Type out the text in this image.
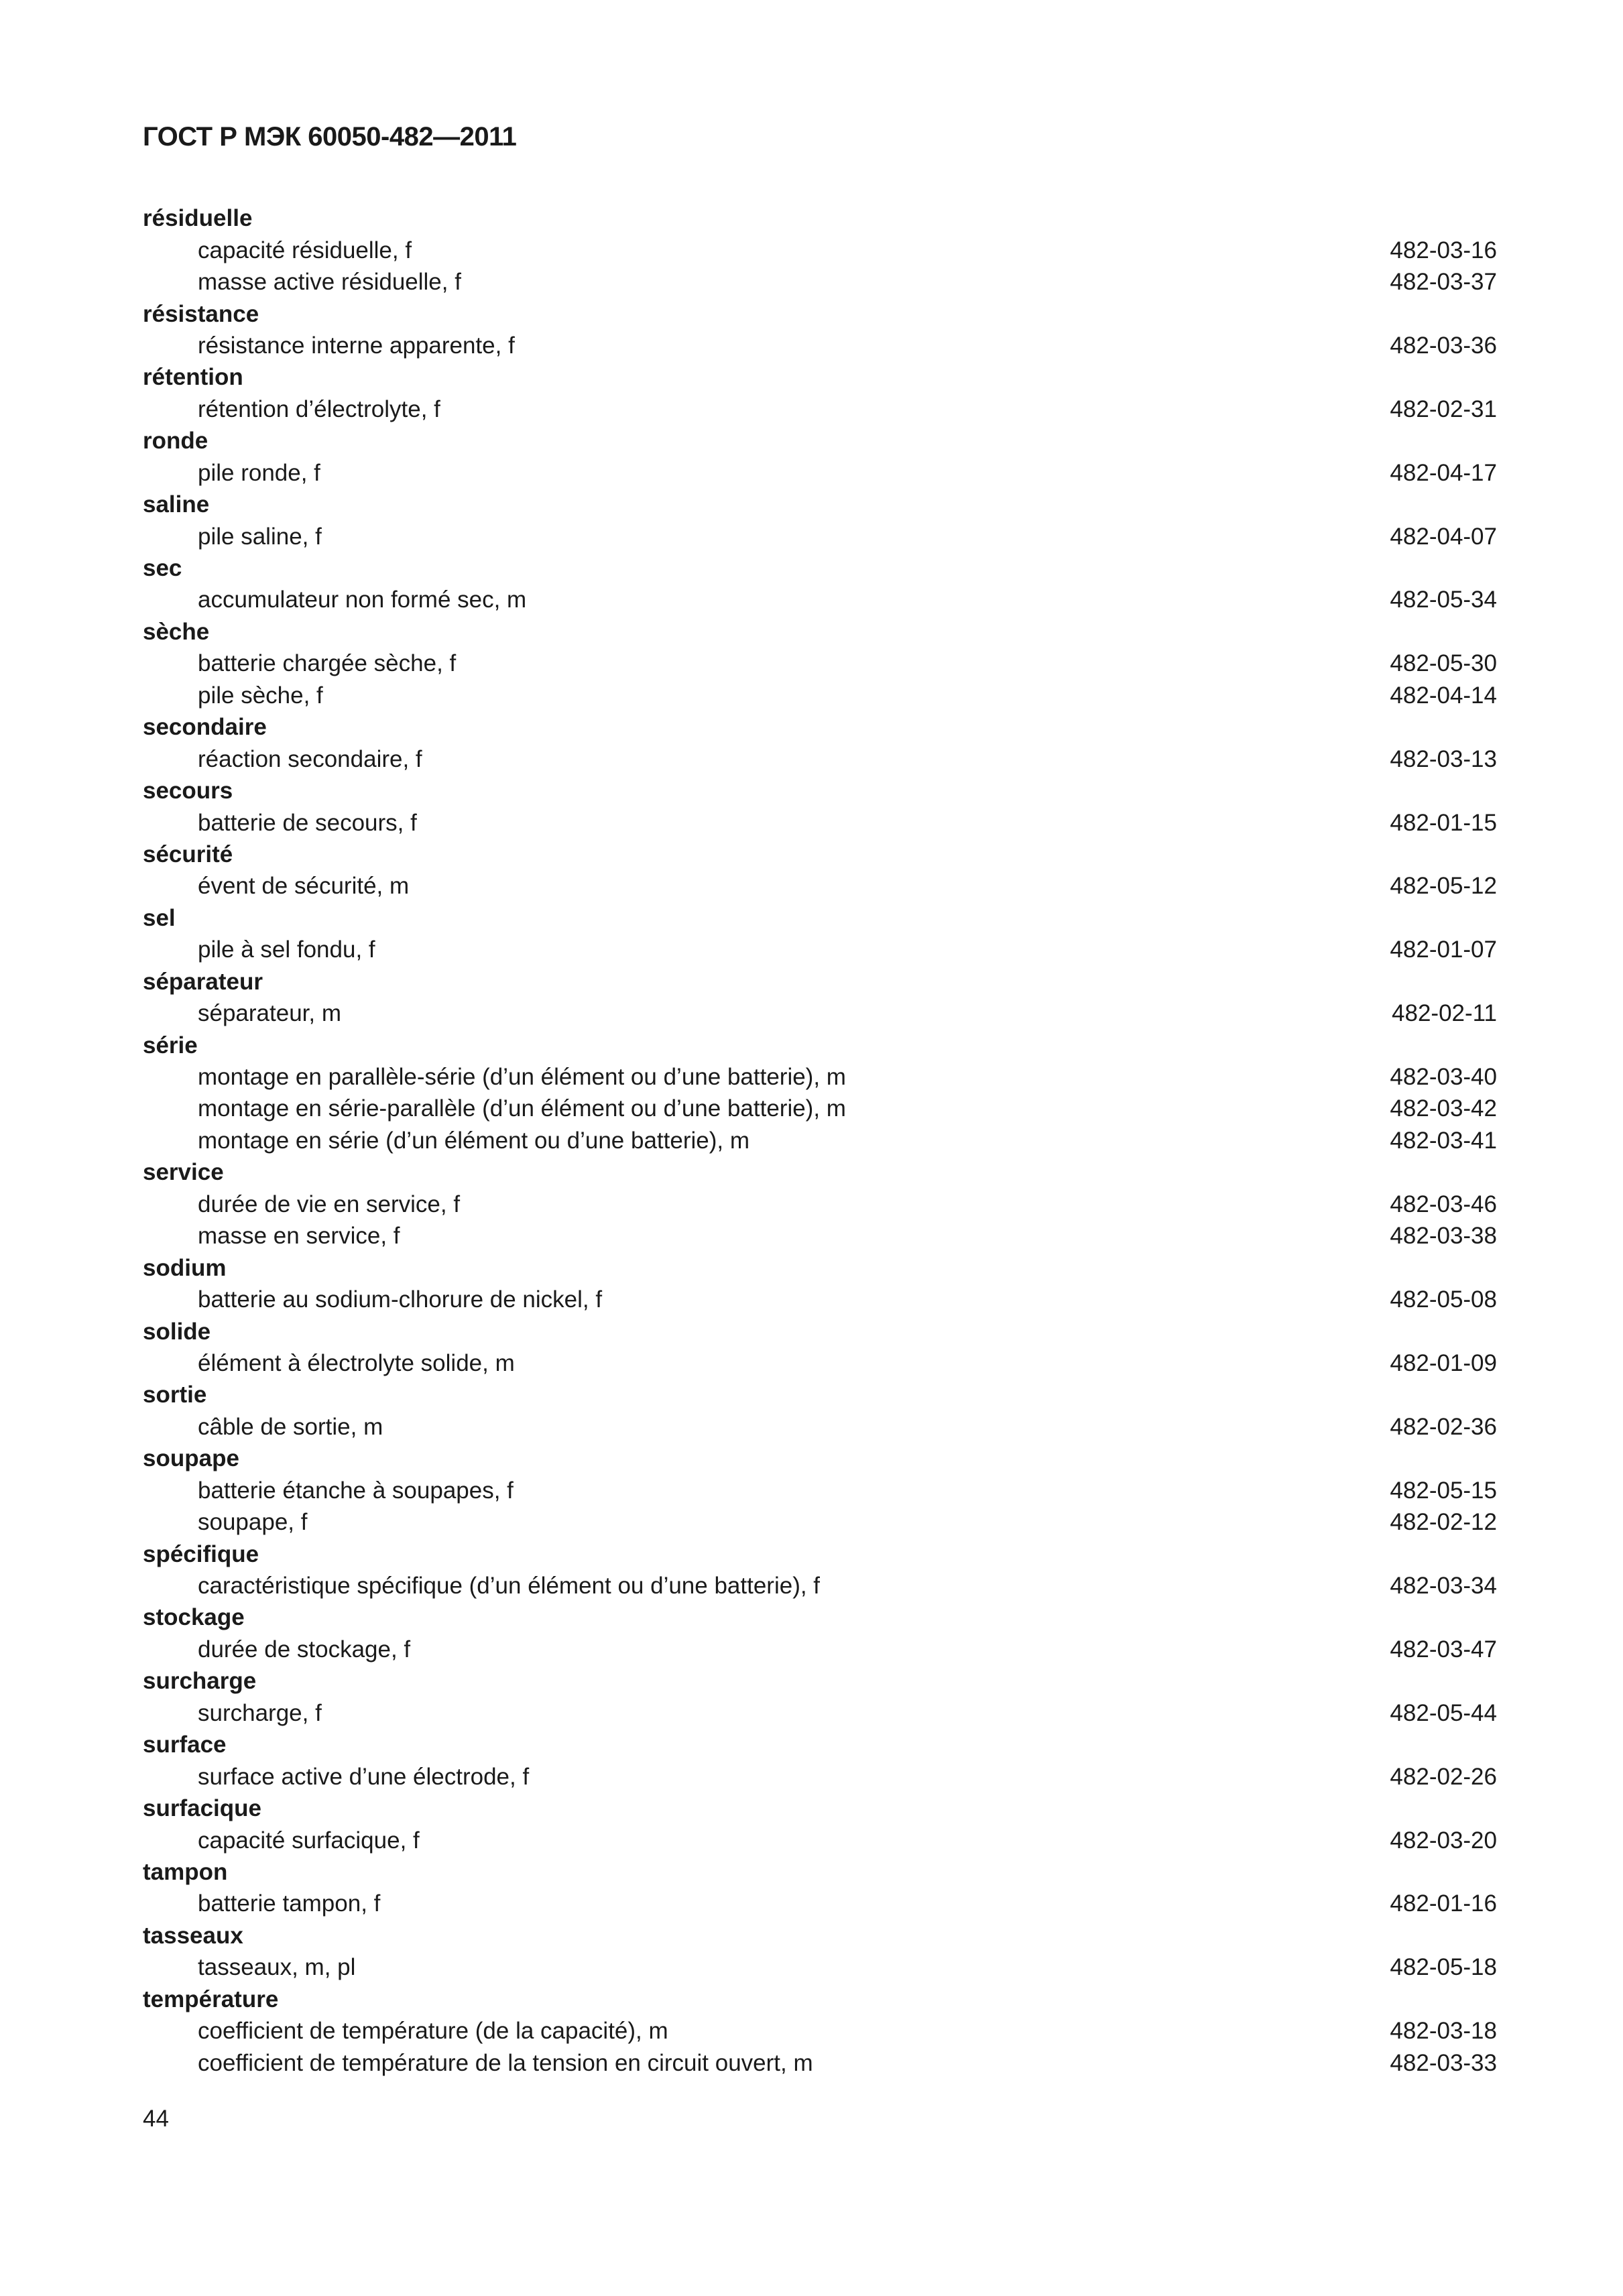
ГОСТ Р МЭК 60050-482—2011
résiduelle
capacité résiduelle, f	482-03-16
masse active résiduelle, f	482-03-37
résistance
résistance interne apparente, f	482-03-36
rétention
rétention d’électrolyte, f	482-02-31
ronde
pile ronde, f	482-04-17
saline
pile saline, f	482-04-07
sec
accumulateur non formé sec, m	482-05-34
sèche
batterie chargée sèche, f	482-05-30
pile sèche, f	482-04-14
secondaire
réaction secondaire, f	482-03-13
secours
batterie de secours, f	482-01-15
sécurité
évent de sécurité, m	482-05-12
sel
pile à sel fondu, f	482-01-07
séparateur
séparateur, m	482-02-11
série
montage en parallèle-série (d’un élément ou d’une batterie), m	482-03-40
montage en série-parallèle (d’un élément ou d’une batterie), m	482-03-42
montage en série (d’un élément ou d’une batterie), m	482-03-41
service
durée de vie en service, f	482-03-46
masse en service, f	482-03-38
sodium
batterie au sodium-clhorure de nickel, f	482-05-08
solide
élément à électrolyte solide, m	482-01-09
sortie
câble de sortie, m	482-02-36
soupape
batterie étanche à soupapes, f	482-05-15
soupape, f	482-02-12
spécifique
caractéristique spécifique (d’un élément ou d’une batterie), f	482-03-34
stockage
durée de stockage, f	482-03-47
surcharge
surcharge, f	482-05-44
surface
surface active d’une électrode, f	482-02-26
surfacique
capacité surfacique, f	482-03-20
tampon
batterie tampon, f	482-01-16
tasseaux
tasseaux, m, pl	482-05-18
température
coefficient de température (de la capacité), m	482-03-18
coefficient de température de la tension en circuit ouvert, m	482-03-33
44
